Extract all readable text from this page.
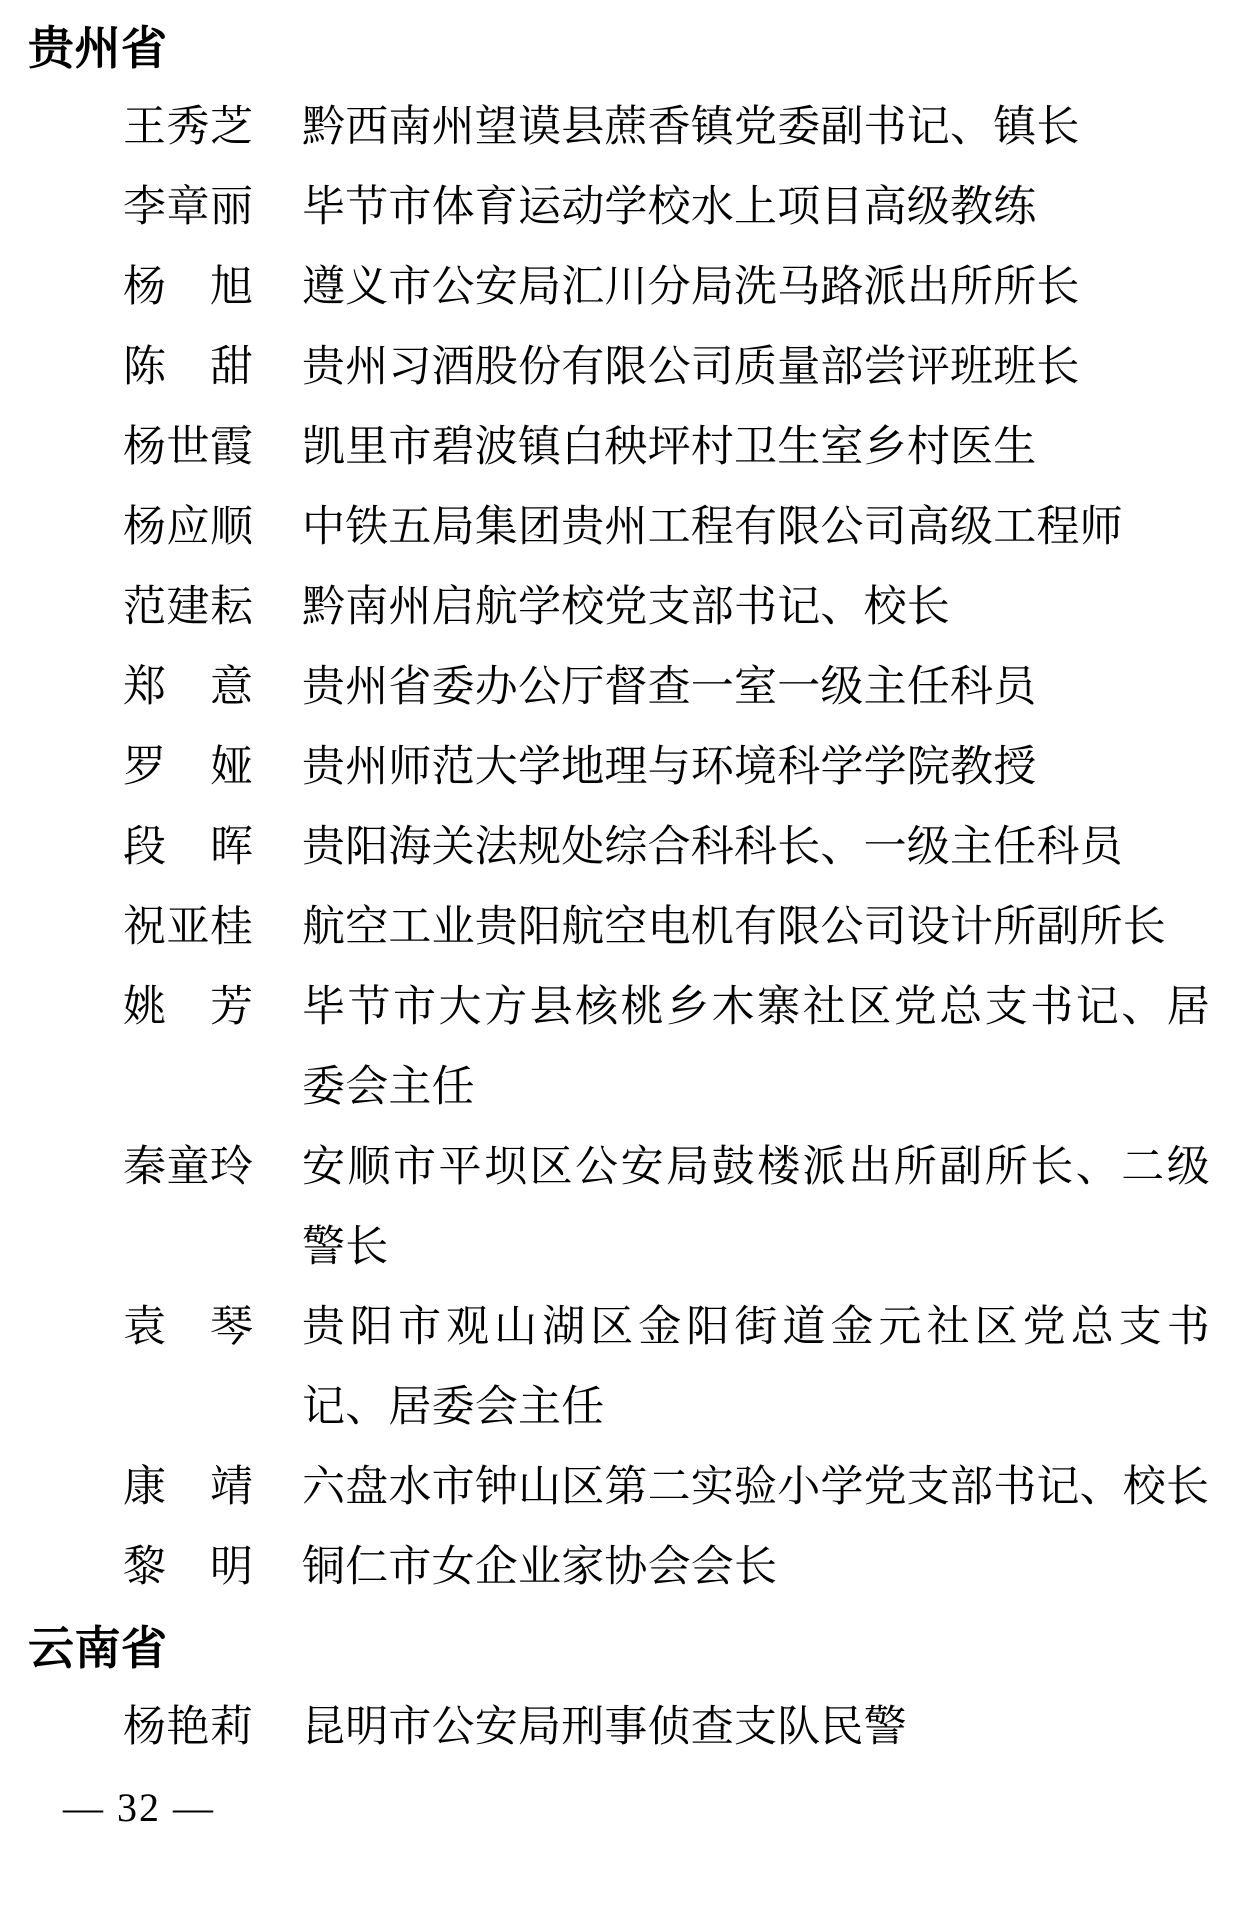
贵州省
王 秀 芝 黔西南州望谟县蔗香镇党委副书记、镇长
李 章 丽 毕节市体育运动学校水上项目高级教练
杨 旭 遵义市公安局汇川分局洗马路派出所所长
陈 甜 贵州习酒股份有限公司质量部尝评班班长
杨 世 霞 凯里市碧波镇白秧坪村卫生室乡村医生
杨 应 顺 中铁五局集团贵州工程有限公司高级工程师
范 建 耘 黔南州启航学校党支部书记、校长
郑 意 贵州省委办公厅督查一室一级主任科员
罗 娅 贵州师范大学地理与环境科学学院教授
段 晖 贵阳海关法规处综合科科长、一级主任科员
祝 亚 桂 航空工业贵阳航空电机有限公司设计所副所长
姚 芳 毕节市大方县核桃乡木寨社区党总支书记、居
委会主任
秦 童 玲 安顺市平坝区公安局鼓楼派出所副所长、二级
警长
袁 琴 贵阳市观山湖区金阳街道金元社区党总支书
记、居委会主任
康 靖 六盘水市钟山区第二实验小学党支部书记、校长
黎 明 铜仁市女企业家协会会长
云南省
杨 艳 莉 昆明市公安局刑事侦查支队民警
— 32 —
